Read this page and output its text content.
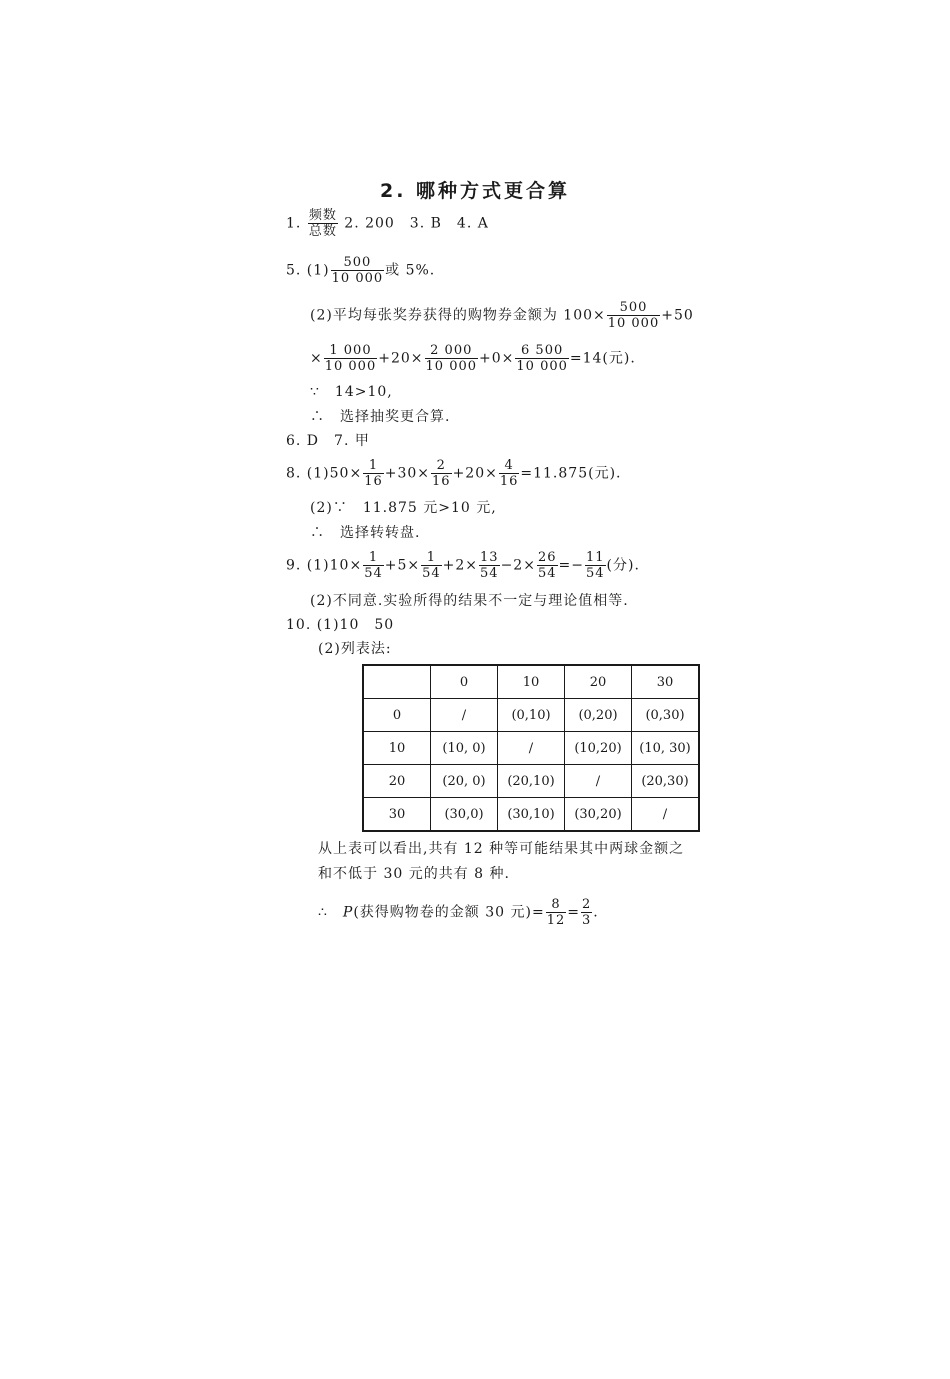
2. 哪种方式更合算
1. $\frac{\text{频数}}{\text{总数}} 2$. 200　3. B　4. A
5. $(1) \frac{500}{10 000}$ 或 5%.
(2)平均每张奖券获得的购物券金额为 $100\times \frac{500}{10 000} +50$
× $\frac{1 000}{10 000} +20\times \frac{2 000}{10 000} +0\times \frac{6 500}{10 000} =14$(元).
∵　14>10,
∴　选择抽奖更合算.
6. D　7. 甲
8. $(1)50\times \frac{1}{16} +30\times \frac{2}{16} +20\times \frac{4}{16} =11.875$(元).
(2)∵　11.875 元>10 元,
∴　选择转转盘.
9. $(1)10\times \frac{1}{54} +5\times \frac{1}{54} +2\times \frac{13}{54} -2\times \frac{26}{54} =- \frac{11}{54}$ (分).
(2)不同意.实验所得的结果不一定与理论值相等.
10. (1)10　50
(2)列表法:
	0	10	20	30
0	/	(0,10)	(0,20)	(0,30)
10	(10, 0)	/	(10,20)	(10, 30)
20	(20, 0)	(20,10)	/	(20,30)
30	(30,0)	(30,10)	(30,20)	/
从上表可以看出,共有 12 种等可能结果其中两球金额之
和不低于 30 元的共有 8 种.
∴　P(获得购物卷的金额 30 元)= $\frac{8}{12} = \frac{2}{3}$ .
